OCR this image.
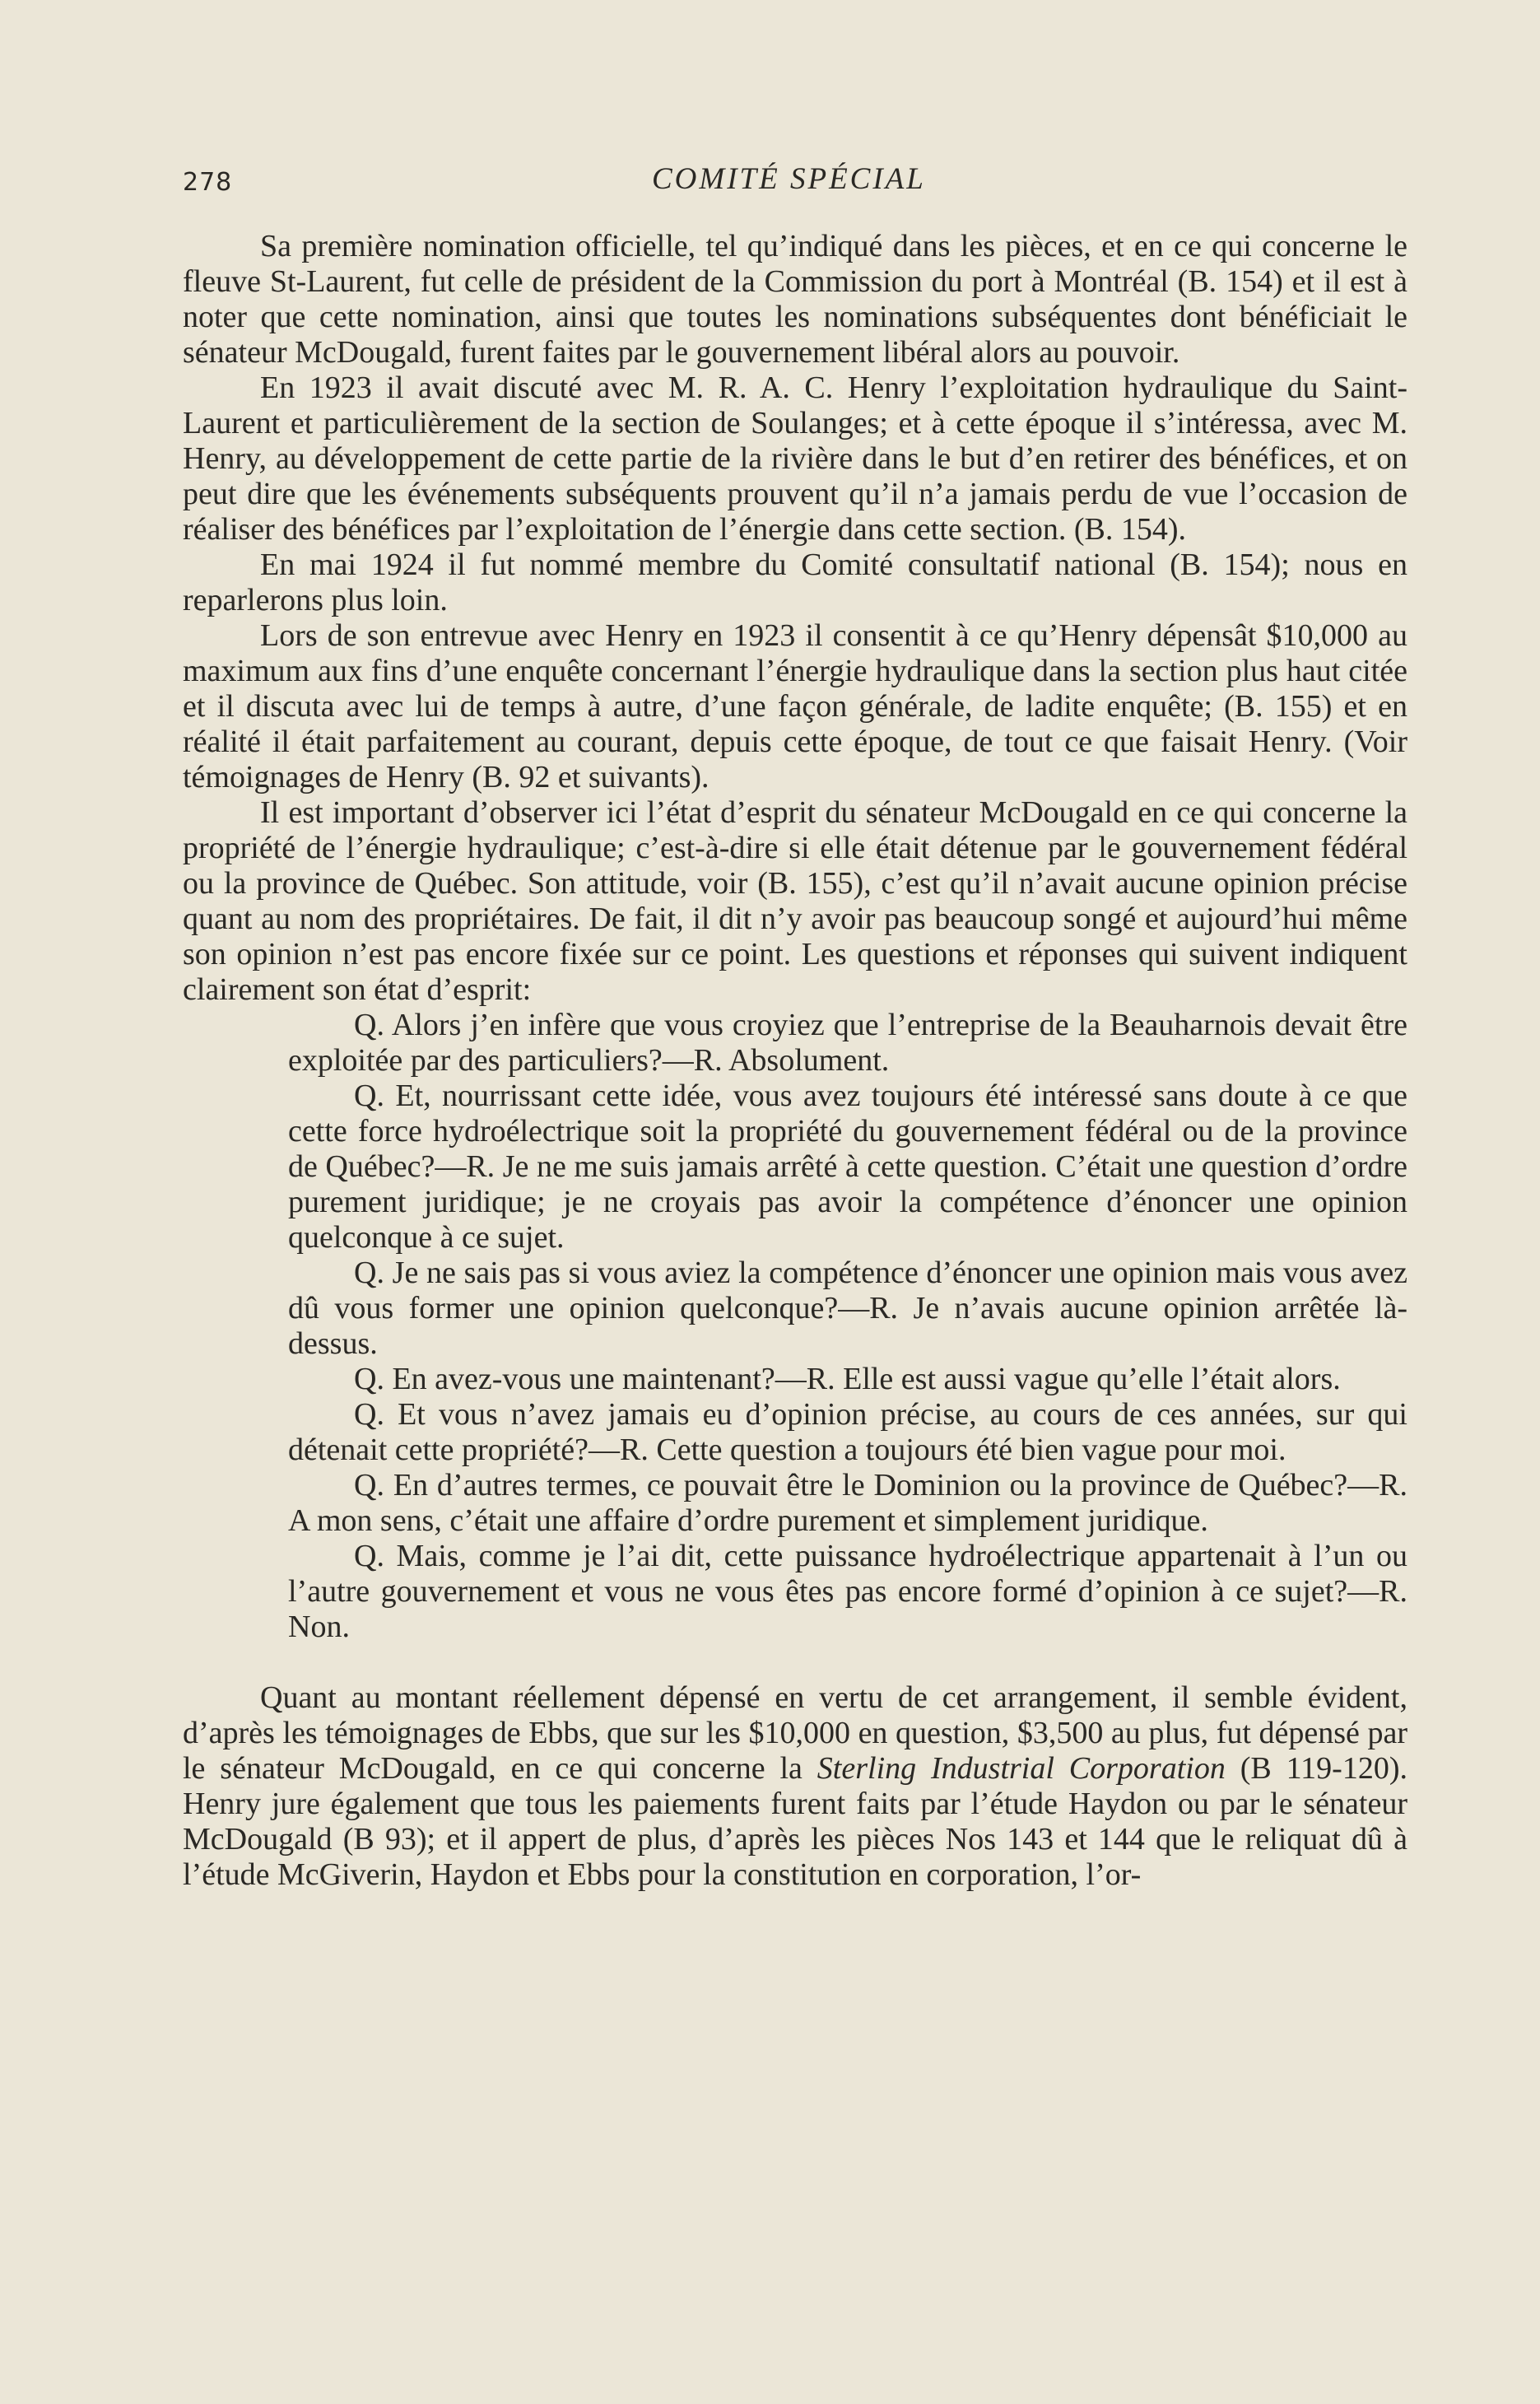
278	COMITÉ SPÉCIAL

Sa première nomination officielle, tel qu’indiqué dans les pièces, et en ce qui concerne le fleuve St-Laurent, fut celle de président de la Commission du port à Montréal (B. 154) et il est à noter que cette nomination, ainsi que toutes les nominations subséquentes dont bénéficiait le sénateur McDougald, furent faites par le gouvernement libéral alors au pouvoir.

En 1923 il avait discuté avec M. R. A. C. Henry l’exploitation hydraulique du Saint-Laurent et particulièrement de la section de Soulanges; et à cette époque il s’intéressa, avec M. Henry, au développement de cette partie de la rivière dans le but d’en retirer des bénéfices, et on peut dire que les événements subséquents prouvent qu’il n’a jamais perdu de vue l’occasion de réaliser des bénéfices par l’exploitation de l’énergie dans cette section. (B. 154).

En mai 1924 il fut nommé membre du Comité consultatif national (B. 154); nous en reparlerons plus loin.

Lors de son entrevue avec Henry en 1923 il consentit à ce qu’Henry dépensât $10,000 au maximum aux fins d’une enquête concernant l’énergie hydraulique dans la section plus haut citée et il discuta avec lui de temps à autre, d’une façon générale, de ladite enquête; (B. 155) et en réalité il était parfaitement au courant, depuis cette époque, de tout ce que faisait Henry. (Voir témoignages de Henry (B. 92 et suivants).

Il est important d’observer ici l’état d’esprit du sénateur McDougald en ce qui concerne la propriété de l’énergie hydraulique; c’est-à-dire si elle était détenue par le gouvernement fédéral ou la province de Québec. Son attitude, voir (B. 155), c’est qu’il n’avait aucune opinion précise quant au nom des propriétaires. De fait, il dit n’y avoir pas beaucoup songé et aujourd’hui même son opinion n’est pas encore fixée sur ce point. Les questions et réponses qui suivent indiquent clairement son état d’esprit:

Q. Alors j’en infère que vous croyiez que l’entreprise de la Beauharnois devait être exploitée par des particuliers?—R. Absolument.

Q. Et, nourrissant cette idée, vous avez toujours été intéressé sans doute à ce que cette force hydroélectrique soit la propriété du gouvernement fédéral ou de la province de Québec?—R. Je ne me suis jamais arrêté à cette question. C’était une question d’ordre purement juridique; je ne croyais pas avoir la compétence d’énoncer une opinion quelconque à ce sujet.

Q. Je ne sais pas si vous aviez la compétence d’énoncer une opinion mais vous avez dû vous former une opinion quelconque?—R. Je n’avais aucune opinion arrêtée là-dessus.

Q. En avez-vous une maintenant?—R. Elle est aussi vague qu’elle l’était alors.

Q. Et vous n’avez jamais eu d’opinion précise, au cours de ces années, sur qui détenait cette propriété?—R. Cette question a toujours été bien vague pour moi.

Q. En d’autres termes, ce pouvait être le Dominion ou la province de Québec?—R. A mon sens, c’était une affaire d’ordre purement et simplement juridique.

Q. Mais, comme je l’ai dit, cette puissance hydroélectrique appartenait à l’un ou l’autre gouvernement et vous ne vous êtes pas encore formé d’opinion à ce sujet?—R. Non.

Quant au montant réellement dépensé en vertu de cet arrangement, il semble évident, d’après les témoignages de Ebbs, que sur les $10,000 en question, $3,500 au plus, fut dépensé par le sénateur McDougald, en ce qui concerne la Sterling Industrial Corporation (B 119-120). Henry jure également que tous les paiements furent faits par l’étude Haydon ou par le sénateur McDougald (B 93); et il appert de plus, d’après les pièces Nos 143 et 144 que le reliquat dû à l’étude McGiverin, Haydon et Ebbs pour la constitution en corporation, l’or-
